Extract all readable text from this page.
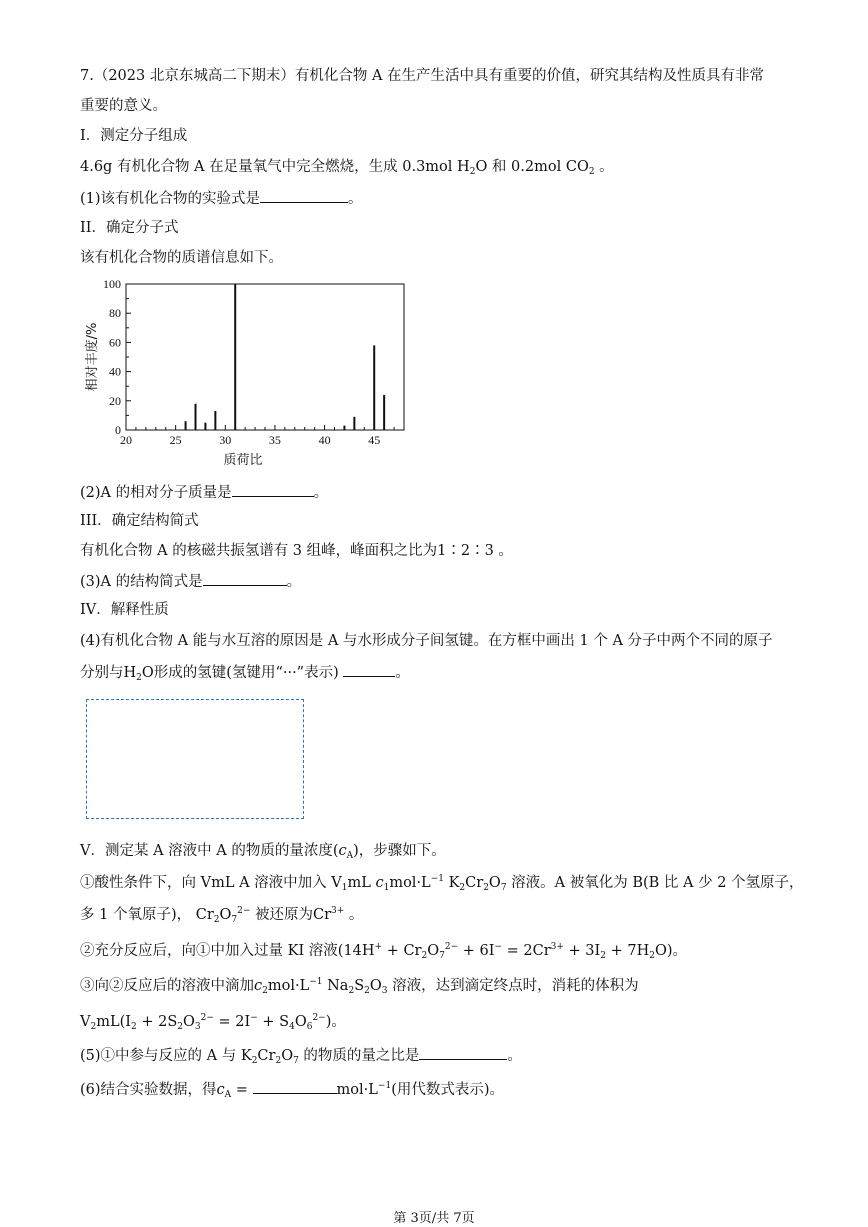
7.（2023 北京东城高二下期末）有机化合物 A 在生产生活中具有重要的价值，研究其结构及性质具有非常
重要的意义。
I．测定分子组成
4.6g 有机化合物 A 在足量氧气中完全燃烧，生成 0.3mol $H_2O$ 和 0.2mol $CO_2$ 。
(1)该有机化合物的实验式是	。
II．确定分子式
该有机化合物的质谱信息如下。
20	25	30	35	40	45
0
20
40
60
80
100
质荷比
相对丰度/%
(2)A 的相对分子质量是	。
III．确定结构简式
有机化合物 A 的核磁共振氢谱有 3 组峰，峰面积之比为1∶2∶3 。
(3)A 的结构简式是	。
IV．解释性质
(4)有机化合物 A 能与水互溶的原因是 A 与水形成分子间氢键。在方框中画出 1 个 A 分子中两个不同的原子
分别与$H_2O$形成的氢键(氢键用“···”表示)	。
V．测定某 A 溶液中 A 的物质的量浓度$(c_A)$，步骤如下。
①酸性条件下，向 VmL A 溶液中加入 $V_1mL$ $c_1mol\cdot L^{-1}$ $K_2Cr_2O_7$ 溶液。A 被氧化为 B(B 比 A 少 2 个氢原子，
多 1 个氧原子)， $Cr_2O_7^{2-}$ 被还原为$Cr^{3+}$ 。
②充分反应后，向①中加入过量 KI 溶液$(14H^+ + Cr_2O_7^{2-} + 6I^- = 2Cr^{3+} + 3I_2 + 7H_2O)$。
③向②反应后的溶液中滴加$c_2mol\cdot L^{-1}$ $Na_2S_2O_3$ 溶液，达到滴定终点时，消耗的体积为
$V_2mL(I_2 + 2S_2O_3^{2-} = 2I^- + S_4O_6^{2-})$。
(5)①中参与反应的 A 与 $K_2Cr_2O_7$ 的物质的量之比是	。
(6)结合实验数据，得$c_A$ =	$mol\cdot L^{-1}$(用代数式表示)。
第 3页/共 7页
